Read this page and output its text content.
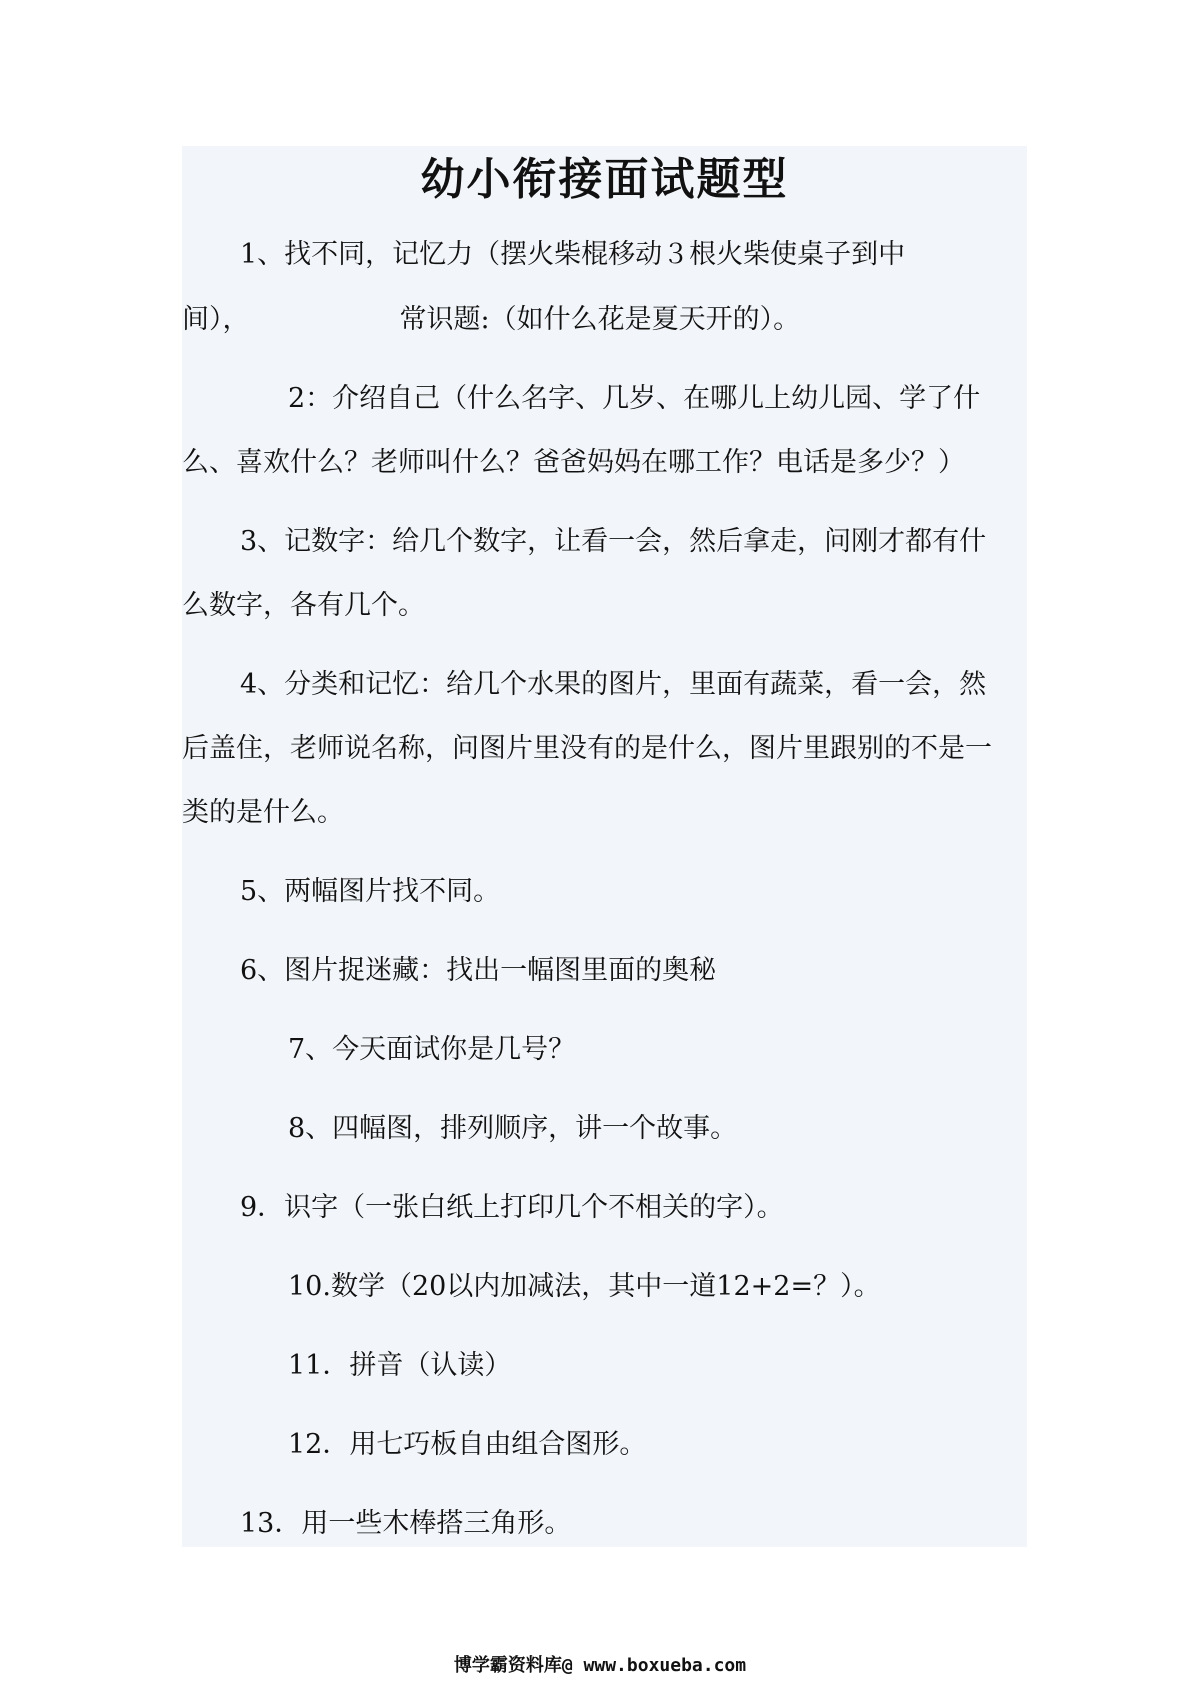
幼小衔接面试题型
1、找不同，记忆力（摆火柴棍移动３根火柴使桌子到中
间），	常识题:（如什么花是夏天开的）。
2：介绍自己（什么名字、几岁、在哪儿上幼儿园、学了什
么、喜欢什么？老师叫什么？爸爸妈妈在哪工作？电话是多少？）
3、记数字：给几个数字，让看一会，然后拿走，问刚才都有什
么数字，各有几个。
4、分类和记忆：给几个水果的图片，里面有蔬菜，看一会，然
后盖住，老师说名称，问图片里没有的是什么，图片里跟别的不是一
类的是什么。
5、两幅图片找不同。
6、图片捉迷藏：找出一幅图里面的奥秘
7、今天面试你是几号？
8、四幅图，排列顺序，讲一个故事。
9．识字（一张白纸上打印几个不相关的字）。
10.数学（20以内加减法，其中一道12+2=？）。
11．拼音（认读）
12．用七巧板自由组合图形。
13．用一些木棒搭三角形。
博学霸资料库@ www.boxueba.com
